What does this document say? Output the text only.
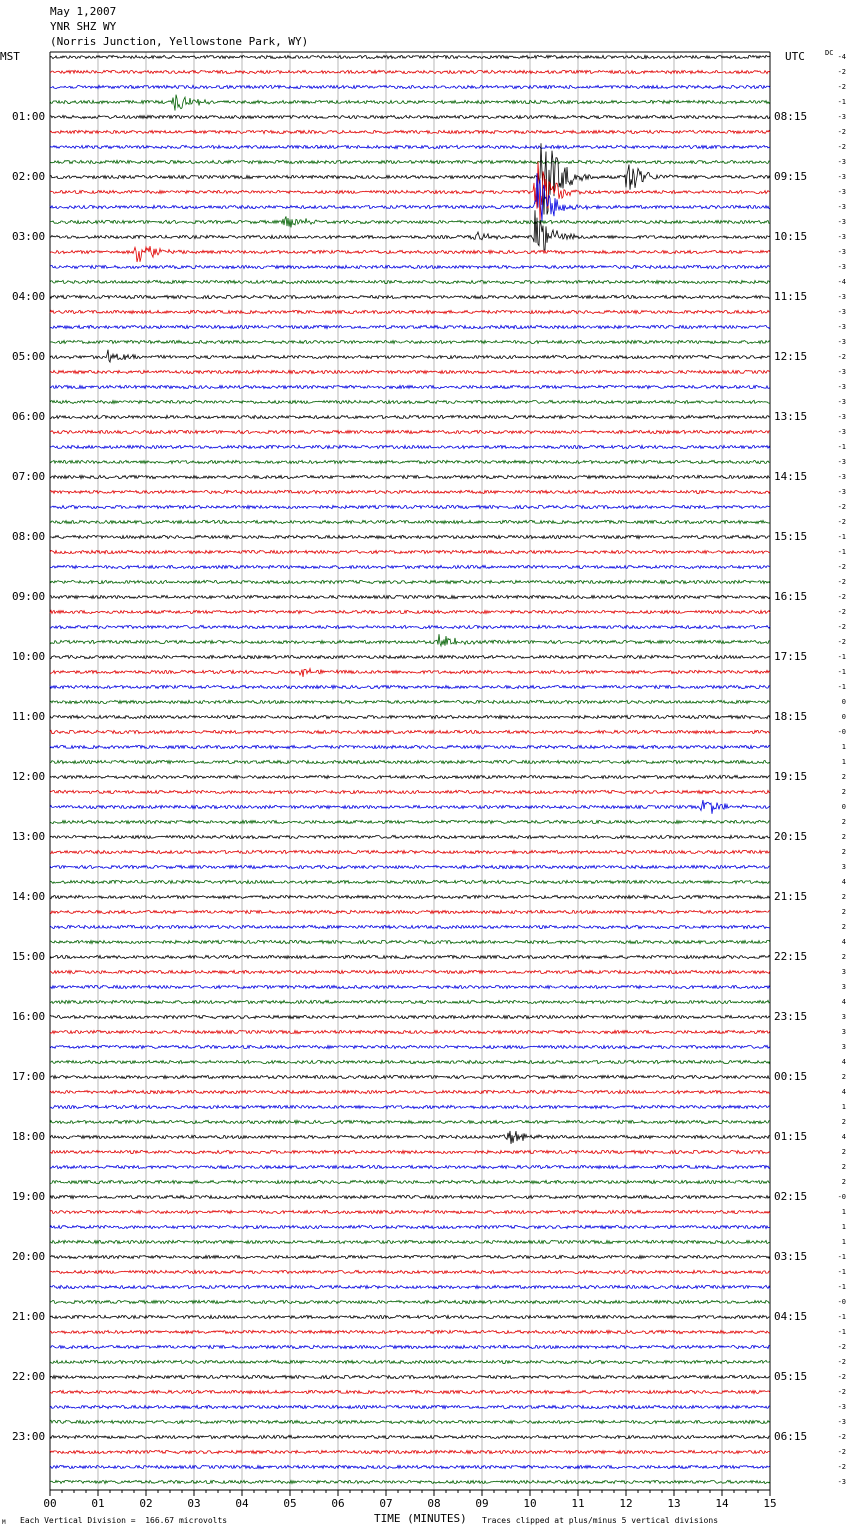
00	01	02	03	04	05	06	07	08	09	10	11	12	13	14	15
May 1,2007
YNR SHZ WY
(Norris Junction, Yellowstone Park, WY)
MST	UTC	DC
01:00
02:00
03:00
04:00
05:00
06:00
07:00
08:00
09:00
10:00
11:00
12:00
13:00
14:00
15:00
16:00
17:00
18:00
19:00
20:00
21:00
22:00
23:00
08:15
09:15
10:15
11:15
12:15
13:15
14:15
15:15
16:15
17:15
18:15
19:15
20:15
21:15
22:15
23:15
00:15
01:15
02:15
03:15
04:15
05:15
06:15
-4
-2
-2
-1
-3
-2
-2
-3
-3
-3
-3
-3
-3
-3
-3
-4
-3
-3
-3
-3
-2
-3
-3
-3
-3
-3
-1
-3
-3
-3
-2
-2
-1
-1
-2
-2
-2
-2
-2
-2
-1
-1
-1
0
0
-0
1
1
2
2
0
2
2
2
3
4
2
2
2
4
2
3
3
4
3
3
3
4
2
4
1
2
4
2
2
2
-0
1
1
1
-1
-1
-1
-0
-1
-1
-2
-2
-2
-2
-3
-3
-2
-2
-2
-3
TIME (MINUTES)
Each Vertical Division =  166.67 microvolts	Traces clipped at plus/minus 5 vertical divisions
M
